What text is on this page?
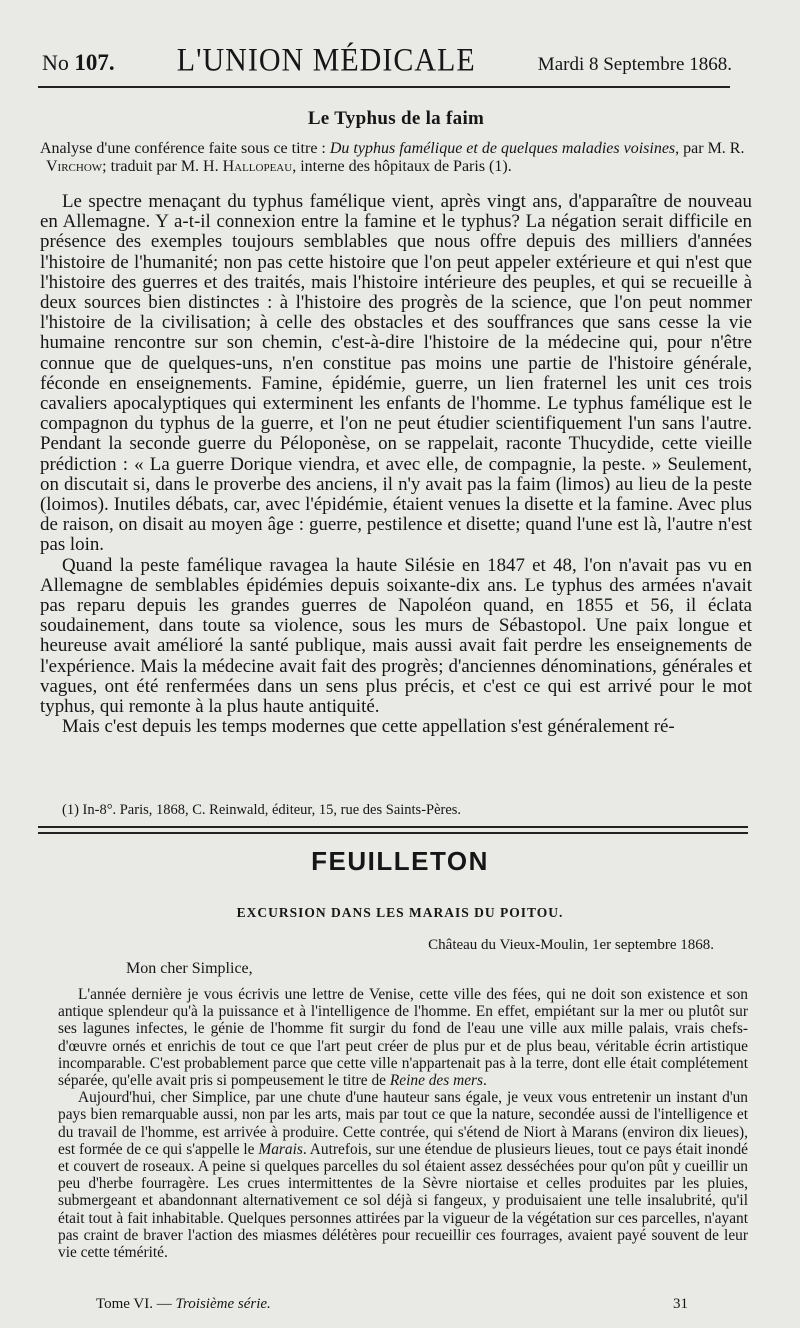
No 107. L'UNION MÉDICALE	Mardi 8 Septembre 1868.
Le Typhus de la faim
Analyse d'une conférence faite sous ce titre : Du typhus famélique et de quelques maladies voisines, par M. R. Virchow; traduit par M. H. Hallopeau, interne des hôpitaux de Paris (1).

Le spectre menaçant du typhus famélique vient, après vingt ans, d'apparaître de nouveau en Allemagne. Y a-t-il connexion entre la famine et le typhus? La négation serait difficile en présence des exemples toujours semblables que nous offre depuis des milliers d'années l'histoire de l'humanité; non pas cette histoire que l'on peut appeler extérieure et qui n'est que l'histoire des guerres et des traités, mais l'histoire intérieure des peuples, et qui se recueille à deux sources bien distinctes : à l'histoire des progrès de la science, que l'on peut nommer l'histoire de la civilisation; à celle des obstacles et des souffrances que sans cesse la vie humaine rencontre sur son chemin, c'est-à-dire l'histoire de la médecine qui, pour n'être connue que de quelques-uns, n'en constitue pas moins une partie de l'histoire générale, féconde en enseignements. Famine, épidémie, guerre, un lien fraternel les unit ces trois cavaliers apocalyptiques qui exterminent les enfants de l'homme. Le typhus famélique est le compagnon du typhus de la guerre, et l'on ne peut étudier scientifiquement l'un sans l'autre. Pendant la seconde guerre du Péloponèse, on se rappelait, raconte Thucydide, cette vieille prédiction : « La guerre Dorique viendra, et avec elle, de compagnie, la peste. » Seulement, on discutait si, dans le proverbe des anciens, il n'y avait pas la faim (limos) au lieu de la peste (loimos). Inutiles débats, car, avec l'épidémie, étaient venues la disette et la famine. Avec plus de raison, on disait au moyen âge : guerre, pestilence et disette; quand l'une est là, l'autre n'est pas loin.

Quand la peste famélique ravagea la haute Silésie en 1847 et 48, l'on n'avait pas vu en Allemagne de semblables épidémies depuis soixante-dix ans. Le typhus des armées n'avait pas reparu depuis les grandes guerres de Napoléon quand, en 1855 et 56, il éclata soudainement, dans toute sa violence, sous les murs de Sébastopol. Une paix longue et heureuse avait amélioré la santé publique, mais aussi avait fait perdre les enseignements de l'expérience. Mais la médecine avait fait des progrès; d'anciennes dénominations, générales et vagues, ont été renfermées dans un sens plus précis, et c'est ce qui est arrivé pour le mot typhus, qui remonte à la plus haute antiquité.

Mais c'est depuis les temps modernes que cette appellation s'est généralement ré-

(1) In-8°. Paris, 1868, C. Reinwald, éditeur, 15, rue des Saints-Pères.
FEUILLETON
EXCURSION DANS LES MARAIS DU POITOU.
Château du Vieux-Moulin, 1er septembre 1868.
Mon cher Simplice,

L'année dernière je vous écrivis une lettre de Venise, cette ville des fées, qui ne doit son existence et son antique splendeur qu'à la puissance et à l'intelligence de l'homme. En effet, empiétant sur la mer ou plutôt sur ses lagunes infectes, le génie de l'homme fit surgir du fond de l'eau une ville aux mille palais, vrais chefs-d'œuvre ornés et enrichis de tout ce que l'art peut créer de plus pur et de plus beau, véritable écrin artistique incomparable. C'est probablement parce que cette ville n'appartenait pas à la terre, dont elle était complétement séparée, qu'elle avait pris si pompeusement le titre de Reine des mers.

Aujourd'hui, cher Simplice, par une chute d'une hauteur sans égale, je veux vous entretenir un instant d'un pays bien remarquable aussi, non par les arts, mais par tout ce que la nature, secondée aussi de l'intelligence et du travail de l'homme, est arrivée à produire. Cette contrée, qui s'étend de Niort à Marans (environ dix lieues), est formée de ce qui s'appelle le Marais. Autrefois, sur une étendue de plusieurs lieues, tout ce pays était inondé et couvert de roseaux. A peine si quelques parcelles du sol étaient assez desséchées pour qu'on pût y cueillir un peu d'herbe fourragère. Les crues intermittentes de la Sèvre niortaise et celles produites par les pluies, submergeant et abandonnant alternativement ce sol déjà si fangeux, y produisaient une telle insalubrité, qu'il était tout à fait inhabitable. Quelques personnes attirées par la vigueur de la végétation sur ces parcelles, n'ayant pas craint de braver l'action des miasmes délétères pour recueillir ces fourrages, avaient payé souvent de leur vie cette témérité.

Tome VI. — Troisième série.	31
